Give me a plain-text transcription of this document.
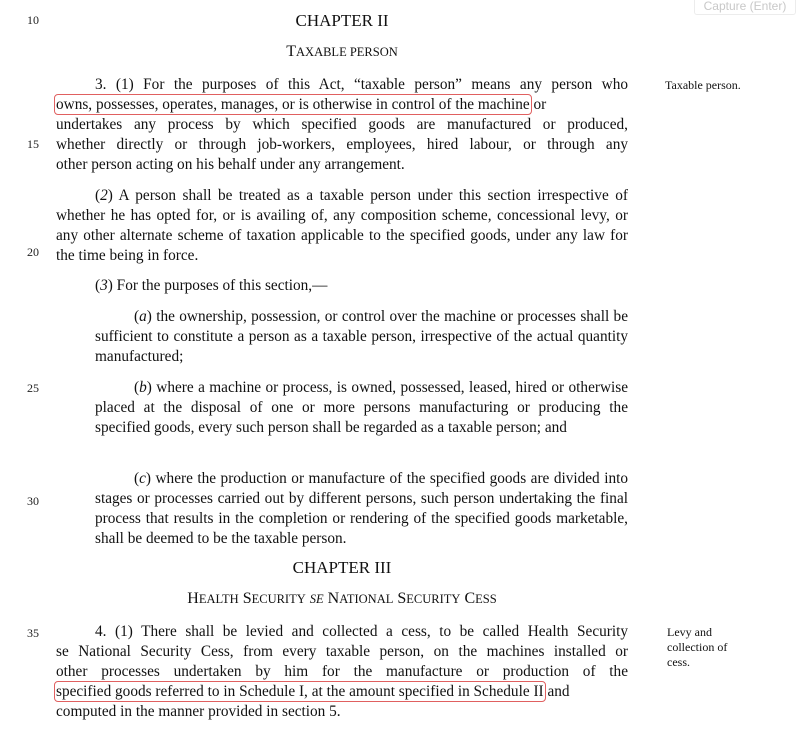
Capture (Enter)
10
15
20
25
30
35
CHAPTER II
TAXABLE PERSON
Taxable person.
3. (1) For the purposes of this Act, “taxable person” means any person who
owns, possesses, operates, manages, or is otherwise in control of the machine or
undertakes any process by which specified goods are manufactured or produced,
whether directly or through job-workers, employees, hired labour, or through any
other person acting on his behalf under any arrangement.
(2) A person shall be treated as a taxable person under this section irrespective of whether he has opted for, or is availing of, any composition scheme, concessional levy, or any other alternate scheme of taxation applicable to the specified goods, under any law for the time being in force.
(3) For the purposes of this section,—
(a) the ownership, possession, or control over the machine or processes shall be sufficient to constitute a person as a taxable person, irrespective of the actual quantity manufactured;
(b) where a machine or process, is owned, possessed, leased, hired or otherwise placed at the disposal of one or more persons manufacturing or producing the specified goods, every such person shall be regarded as a taxable person; and
(c) where the production or manufacture of the specified goods are divided into stages or processes carried out by different persons, such person undertaking the final process that results in the completion or rendering of the specified goods marketable, shall be deemed to be the taxable person.
CHAPTER III
HEALTH SECURITY SE NATIONAL SECURITY CESS
Levy and
collection of
cess.
4. (1) There shall be levied and collected a cess, to be called Health Security
se National Security Cess, from every taxable person, on the machines installed or
other processes undertaken by him for the manufacture or production of the
specified goods referred to in Schedule I, at the amount specified in Schedule II and
computed in the manner provided in section 5.
